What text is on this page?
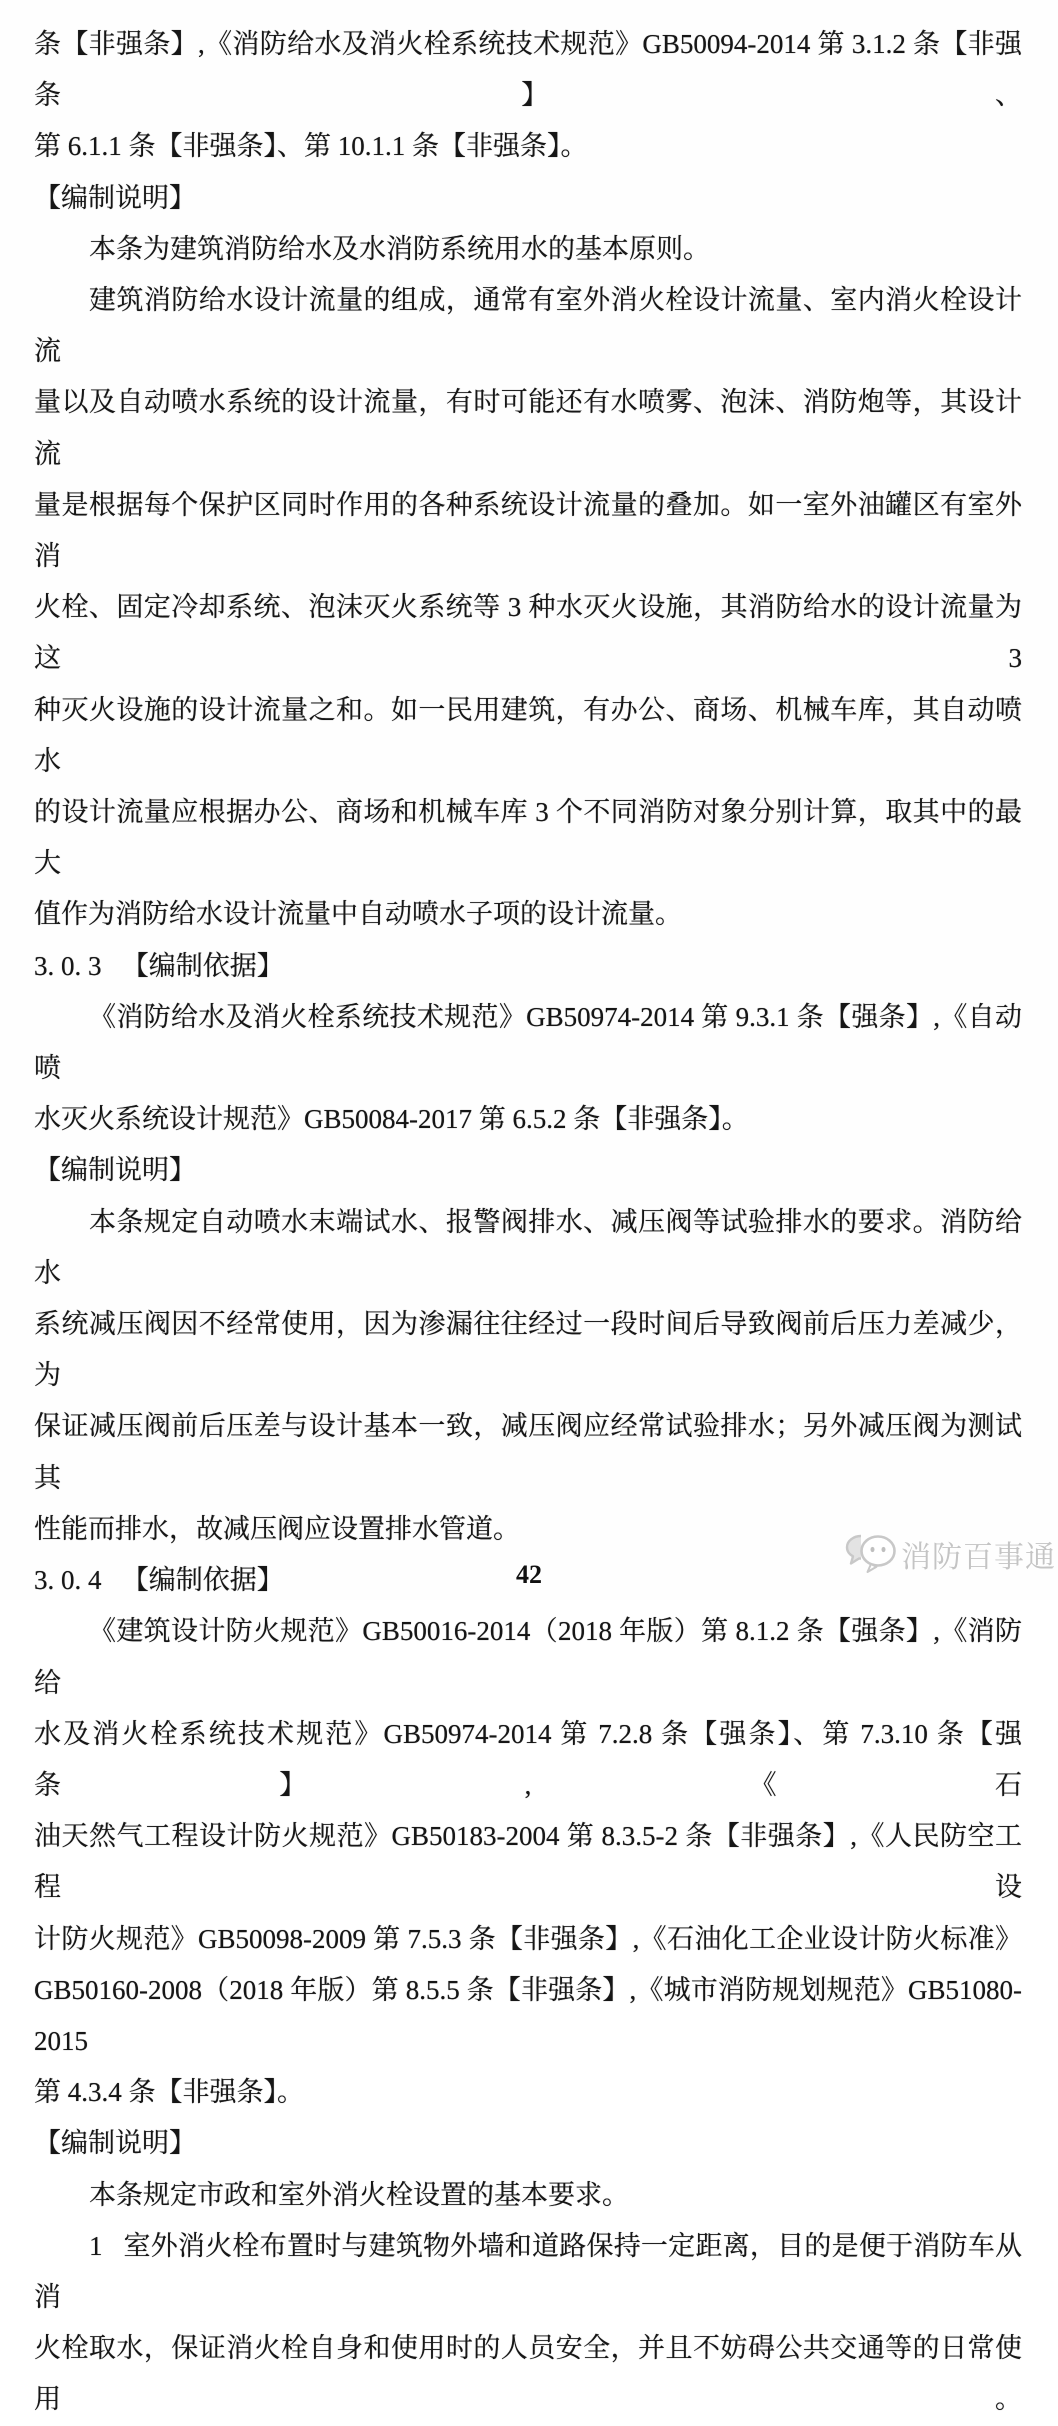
条【非强条】,《消防给水及消火栓系统技术规范》GB50094-2014 第 3.1.2 条【非强条】、

第 6.1.1 条【非强条】、第 10.1.1 条【非强条】。

【编制说明】

本条为建筑消防给水及水消防系统用水的基本原则。

建筑消防给水设计流量的组成，通常有室外消火栓设计流量、室内消火栓设计流

量以及自动喷水系统的设计流量，有时可能还有水喷雾、泡沫、消防炮等，其设计流

量是根据每个保护区同时作用的各种系统设计流量的叠加。如一室外油罐区有室外消

火栓、固定冷却系统、泡沫灭火系统等 3 种水灭火设施，其消防给水的设计流量为这 3

种灭火设施的设计流量之和。如一民用建筑，有办公、商场、机械车库，其自动喷水

的设计流量应根据办公、商场和机械车库 3 个不同消防对象分别计算，取其中的最大

值作为消防给水设计流量中自动喷水子项的设计流量。

3. 0. 3   【编制依据】

《消防给水及消火栓系统技术规范》GB50974-2014 第 9.3.1 条【强条】,《自动喷

水灭火系统设计规范》GB50084-2017 第 6.5.2 条【非强条】。

【编制说明】

本条规定自动喷水末端试水、报警阀排水、减压阀等试验排水的要求。消防给水

系统减压阀因不经常使用，因为渗漏往往经过一段时间后导致阀前后压力差减少，为

保证减压阀前后压差与设计基本一致，减压阀应经常试验排水；另外减压阀为测试其

性能而排水，故减压阀应设置排水管道。

3. 0. 4   【编制依据】

《建筑设计防火规范》GB50016-2014（2018 年版）第 8.1.2 条【强条】,《消防给

水及消火栓系统技术规范》GB50974-2014 第 7.2.8 条【强条】、第 7.3.10 条【强条】,《石

油天然气工程设计防火规范》GB50183-2004 第 8.3.5-2 条【非强条】,《人民防空工程设

计防火规范》GB50098-2009 第 7.5.3 条【非强条】,《石油化工企业设计防火标准》

GB50160-2008（2018 年版）第 8.5.5 条【非强条】,《城市消防规划规范》GB51080-2015

第 4.3.4 条【非强条】。

【编制说明】

本条规定市政和室外消火栓设置的基本要求。

1   室外消火栓布置时与建筑物外墙和道路保持一定距离，目的是便于消防车从消

火栓取水，保证消火栓自身和使用时的人员安全，并且不妨碍公共交通等的日常使用。

消防百事通
42
